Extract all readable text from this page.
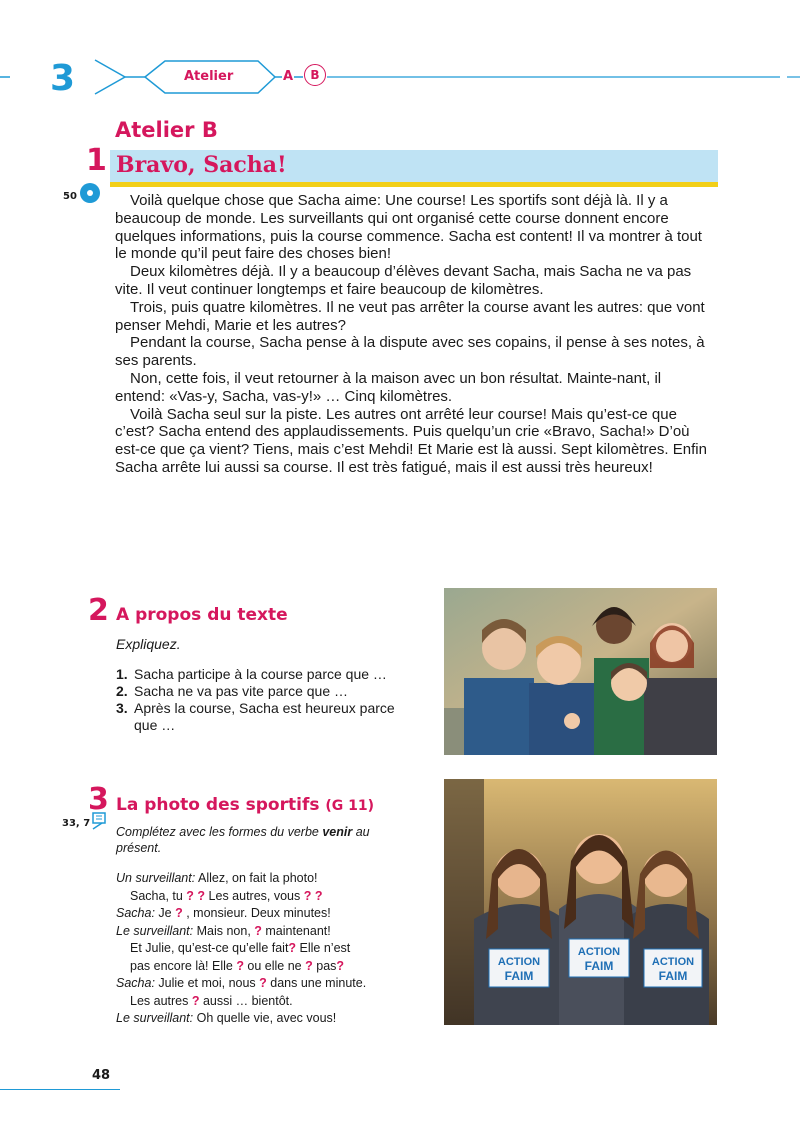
3	Atelier	A	B
Atelier B
1 Bravo, Sacha!
50	Voilà quelque chose que Sacha aime: Une course! Les sportifs sont déjà là. Il y a beaucoup de monde. Les surveillants qui ont organisé cette course donnent encore quelques informations, puis la course commence. Sacha est content! Il va montrer à tout le monde qu’il peut faire des choses bien!

Deux kilomètres déjà. Il y a beaucoup d’élèves devant Sacha, mais Sacha ne va pas vite. Il veut continuer longtemps et faire beaucoup de kilomètres.

Trois, puis quatre kilomètres. Il ne veut pas arrêter la course avant les autres: que vont penser Mehdi, Marie et les autres?

Pendant la course, Sacha pense à la dispute avec ses copains, il pense à ses notes, à ses parents.

Non, cette fois, il veut retourner à la maison avec un bon résultat. Mainte-nant, il entend: «Vas-y, Sacha, vas-y!» … Cinq kilomètres.

Voilà Sacha seul sur la piste. Les autres ont arrêté leur course! Mais qu’est-ce que c’est? Sacha entend des applaudissements. Puis quelqu’un crie «Bravo, Sacha!» D’où est-ce que ça vient? Tiens, mais c’est Mehdi! Et Marie est là aussi. Sept kilomètres. Enfin Sacha arrête lui aussi sa course. Il est très fatigué, mais il est aussi très heureux!

2 A propos du texte
Expliquez.
1. Sacha participe à la course parce que …
2. Sacha ne va pas vite parce que …
3. Après la course, Sacha est heureux parce que …
3 La photo des sportifs (G 11)
33, 7
Complétez avec les formes du verbe venir au présent.
Un surveillant: Allez, on fait la photo!
Sacha, tu ? ? Les autres, vous ? ?
Sacha: Je ? , monsieur. Deux minutes!
Le surveillant: Mais non, ? maintenant!
Et Julie, qu’est-ce qu’elle fait? Elle n’est
pas encore là! Elle ? ou elle ne ? pas?
Sacha: Julie et moi, nous ? dans une minute.
Les autres ? aussi … bientôt.
Le surveillant: Oh quelle vie, avec vous!
ACTION
FAIM
ACTION
FAIM	ACTION
FAIM
48
